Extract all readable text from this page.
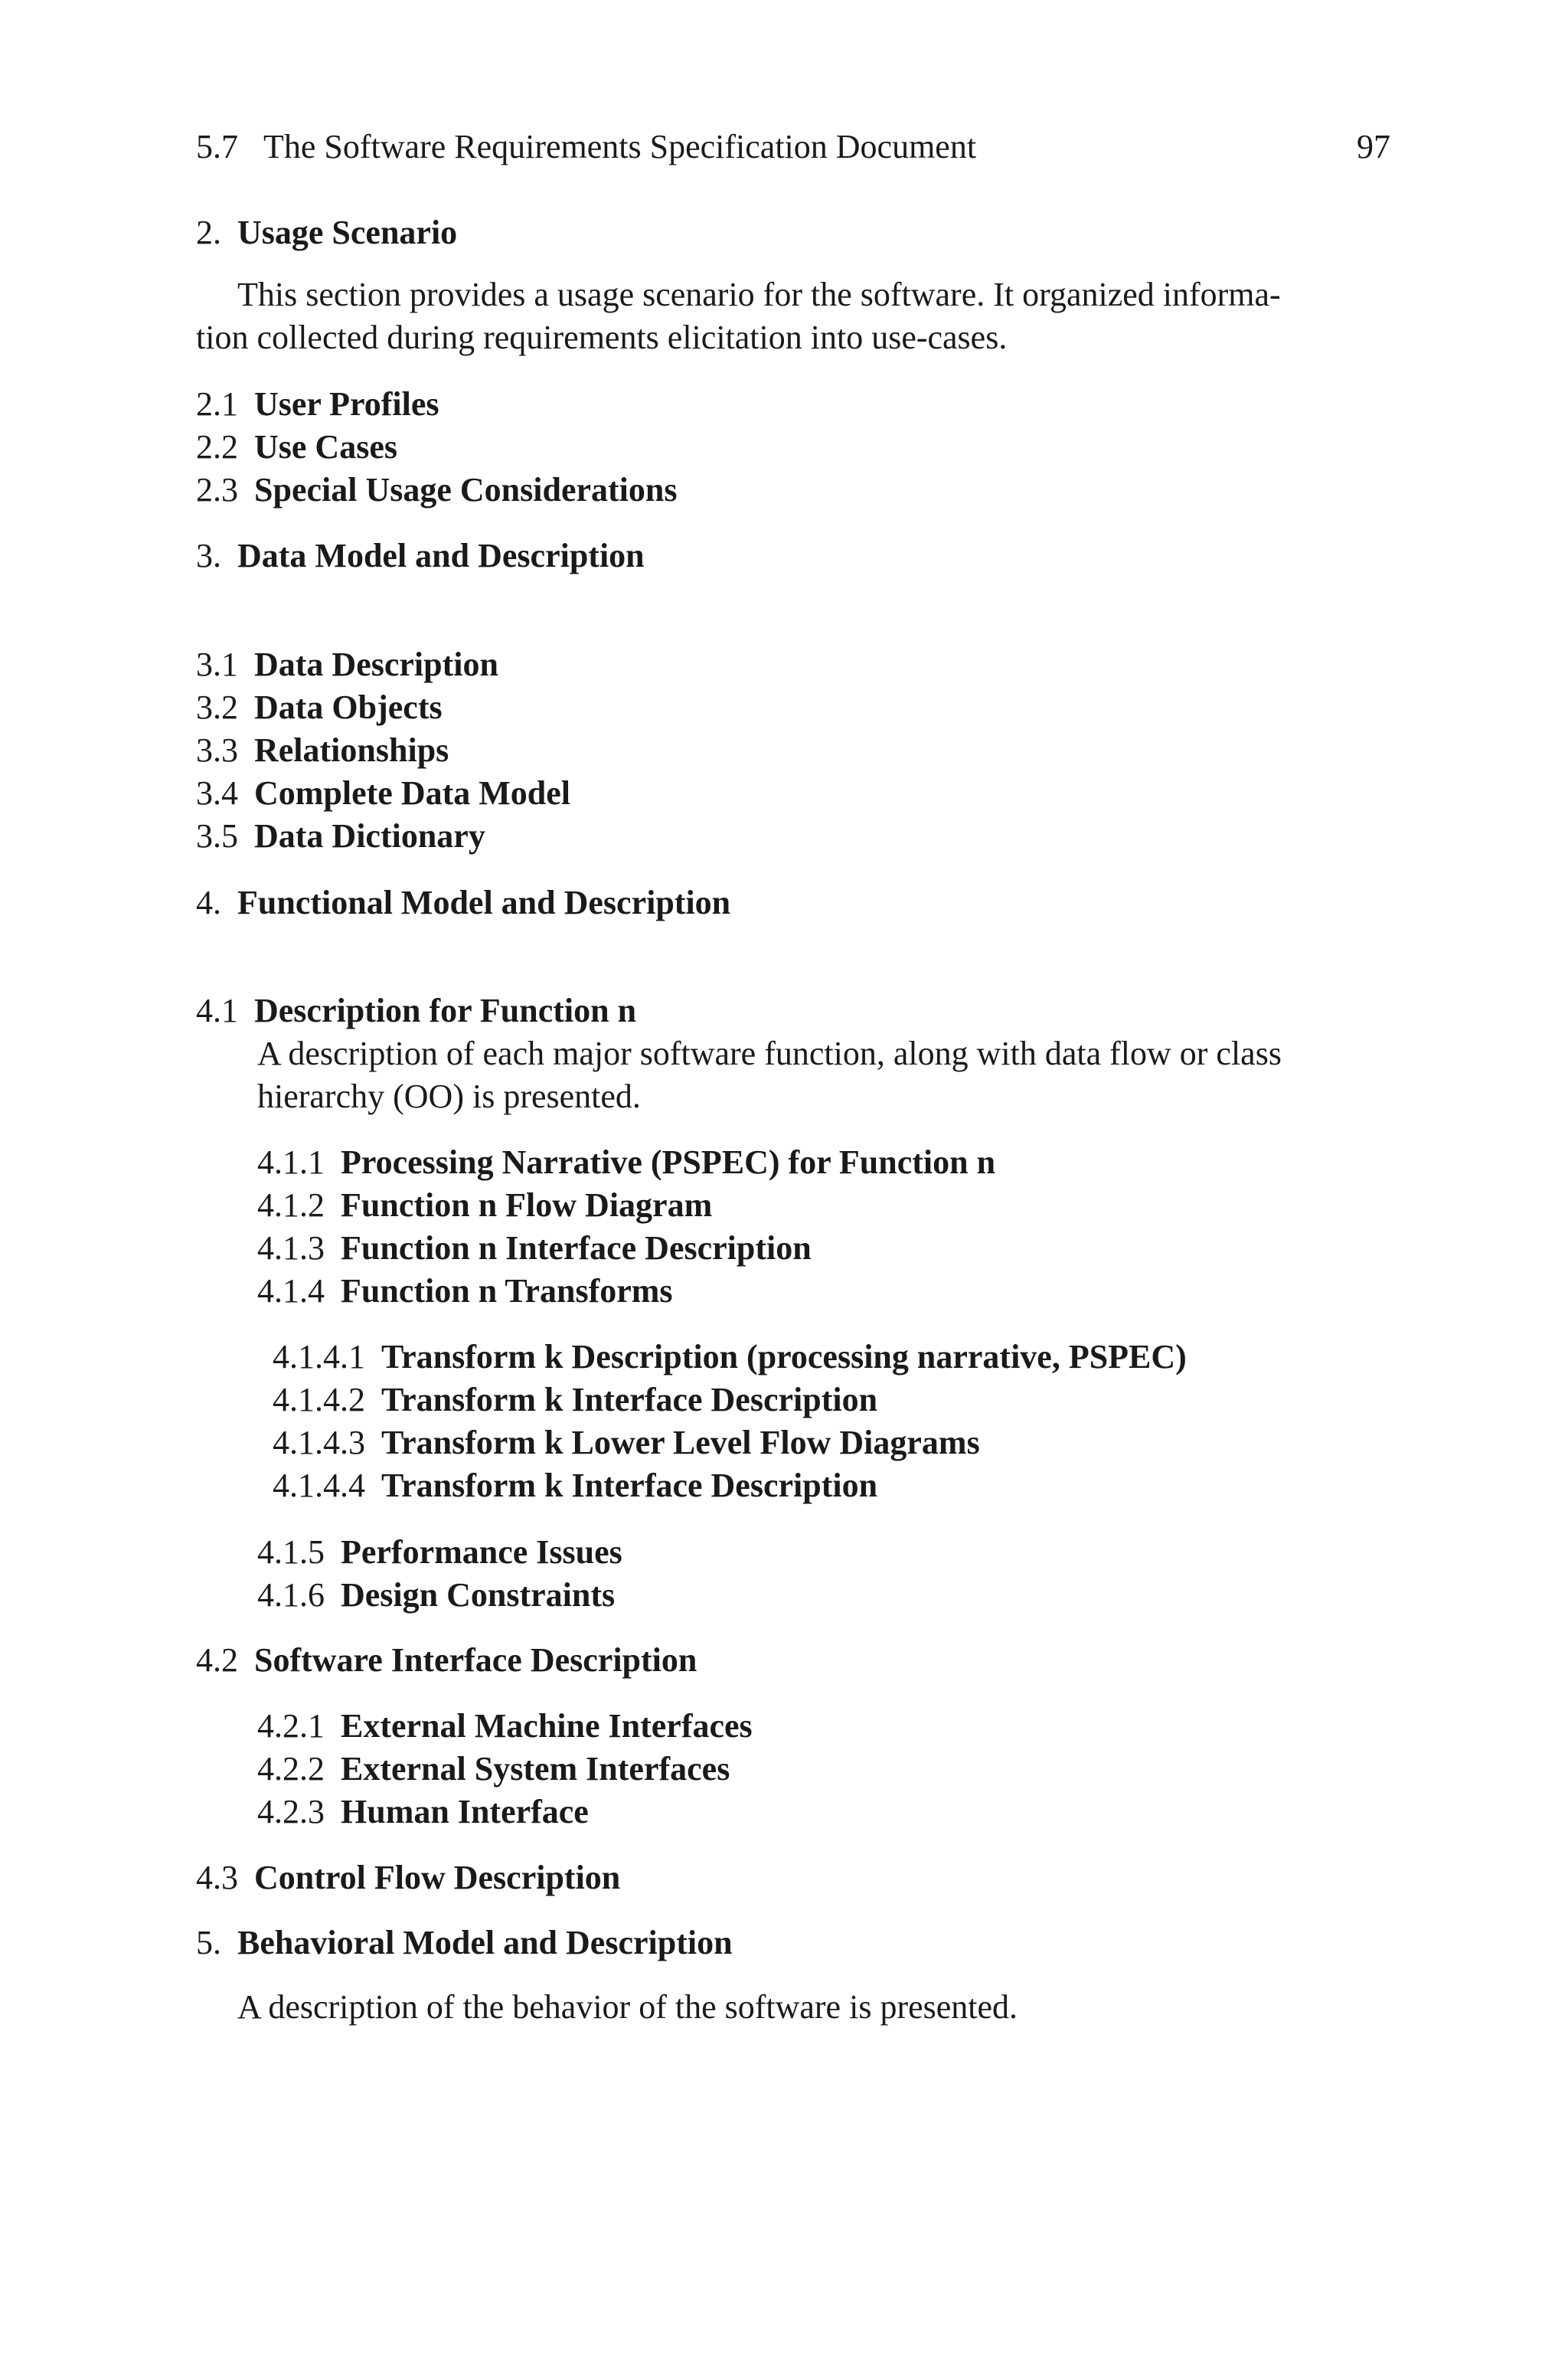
5.7 The Software Requirements Specification Document	97
2. Usage Scenario
This section provides a usage scenario for the software. It organized informa-
tion collected during requirements elicitation into use-cases.
2.1 User Profiles
2.2 Use Cases
2.3 Special Usage Considerations
3. Data Model and Description
3.1 Data Description
3.2 Data Objects
3.3 Relationships
3.4 Complete Data Model
3.5 Data Dictionary
4. Functional Model and Description
4.1 Description for Function n
A description of each major software function, along with data flow or class
hierarchy (OO) is presented.
4.1.1 Processing Narrative (PSPEC) for Function n
4.1.2 Function n Flow Diagram
4.1.3 Function n Interface Description
4.1.4 Function n Transforms
4.1.4.1 Transform k Description (processing narrative, PSPEC)
4.1.4.2 Transform k Interface Description
4.1.4.3 Transform k Lower Level Flow Diagrams
4.1.4.4 Transform k Interface Description
4.1.5 Performance Issues
4.1.6 Design Constraints
4.2 Software Interface Description
4.2.1 External Machine Interfaces
4.2.2 External System Interfaces
4.2.3 Human Interface
4.3 Control Flow Description
5. Behavioral Model and Description
A description of the behavior of the software is presented.
